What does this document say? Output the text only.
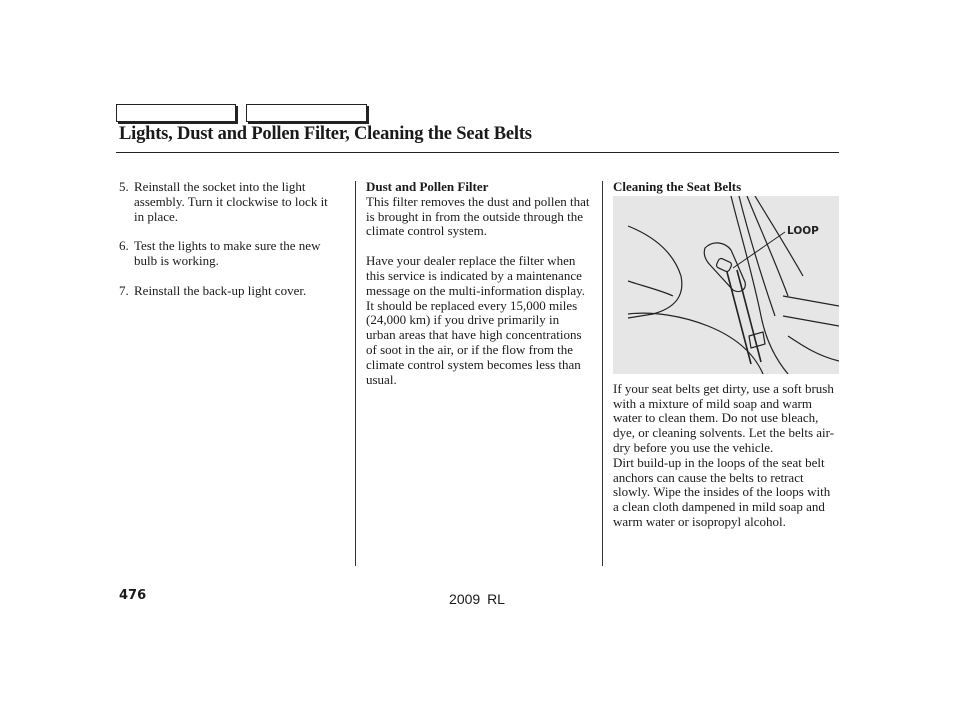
Lights, Dust and Pollen Filter, Cleaning the Seat Belts
5. Reinstall the socket into the light assembly. Turn it clockwise to lock it in place.
6. Test the lights to make sure the new bulb is working.
7. Reinstall the back-up light cover.

Dust and Pollen Filter

This filter removes the dust and pollen that is brought in from the outside through the climate control system.

Have your dealer replace the filter when this service is indicated by a maintenance message on the multi-information display. It should be replaced every 15,000 miles (24,000 km) if you drive primarily in urban areas that have high concentrations of soot in the air, or if the flow from the climate control system becomes less than usual.

Cleaning the Seat Belts

LOOP

If your seat belts get dirty, use a soft brush with a mixture of mild soap and warm water to clean them. Do not use bleach, dye, or cleaning solvents. Let the belts air-dry before you use the vehicle.

Dirt build-up in the loops of the seat belt anchors can cause the belts to retract slowly. Wipe the insides of the loops with a clean cloth dampened in mild soap and warm water or isopropyl alcohol.

476	2009 RL
